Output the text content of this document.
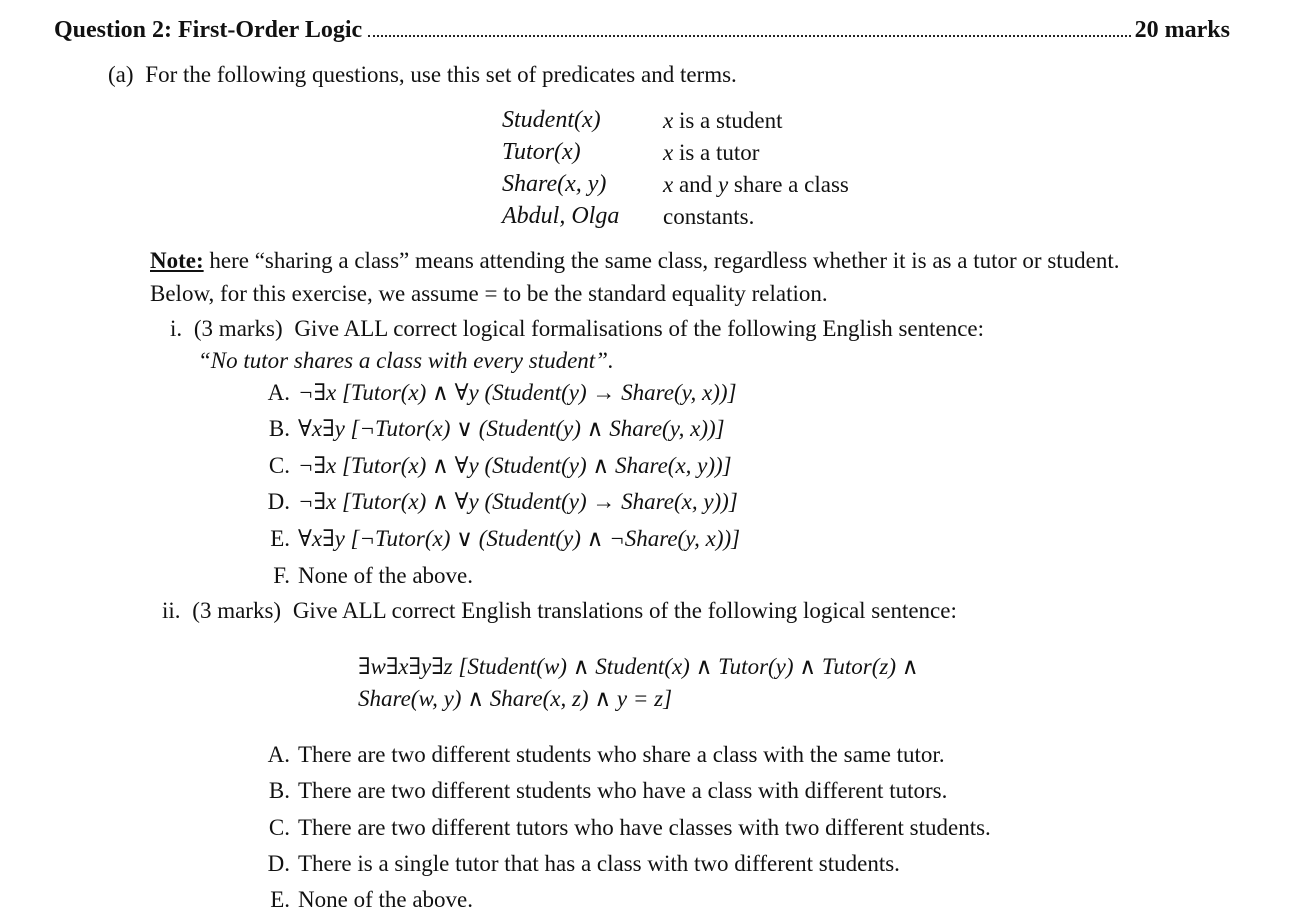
Question 2: First-Order Logic	20 marks
(a) For the following questions, use this set of predicates and terms.
Student(x)	x is a student
Tutor(x)	x is a tutor
Share(x, y) x and y share a class
Abdul, Olga constants.
Note: here “sharing a class” means attending the same class, regardless whether it is as a tutor or student.
Below, for this exercise, we assume = to be the standard equality relation.
i. (3 marks) Give ALL correct logical formalisations of the following English sentence:
“No tutor shares a class with every student”.
A. ¬∃x [Tutor(x) ∧ ∀y (Student(y) → Share(y, x))]
B. ∀x∃y [¬Tutor(x) ∨ (Student(y) ∧ Share(y, x))]
C. ¬∃x [Tutor(x) ∧ ∀y (Student(y) ∧ Share(x, y))]
D. ¬∃x [Tutor(x) ∧ ∀y (Student(y) → Share(x, y))]
E. ∀x∃y [¬Tutor(x) ∨ (Student(y) ∧ ¬Share(y, x))]
F. None of the above.
ii. (3 marks) Give ALL correct English translations of the following logical sentence:
∃w∃x∃y∃z [Student(w) ∧ Student(x) ∧ Tutor(y) ∧ Tutor(z) ∧
Share(w, y) ∧ Share(x, z) ∧ y = z]
A. There are two different students who share a class with the same tutor.
B. There are two different students who have a class with different tutors.
C. There are two different tutors who have classes with two different students.
D. There is a single tutor that has a class with two different students.
E. None of the above.
